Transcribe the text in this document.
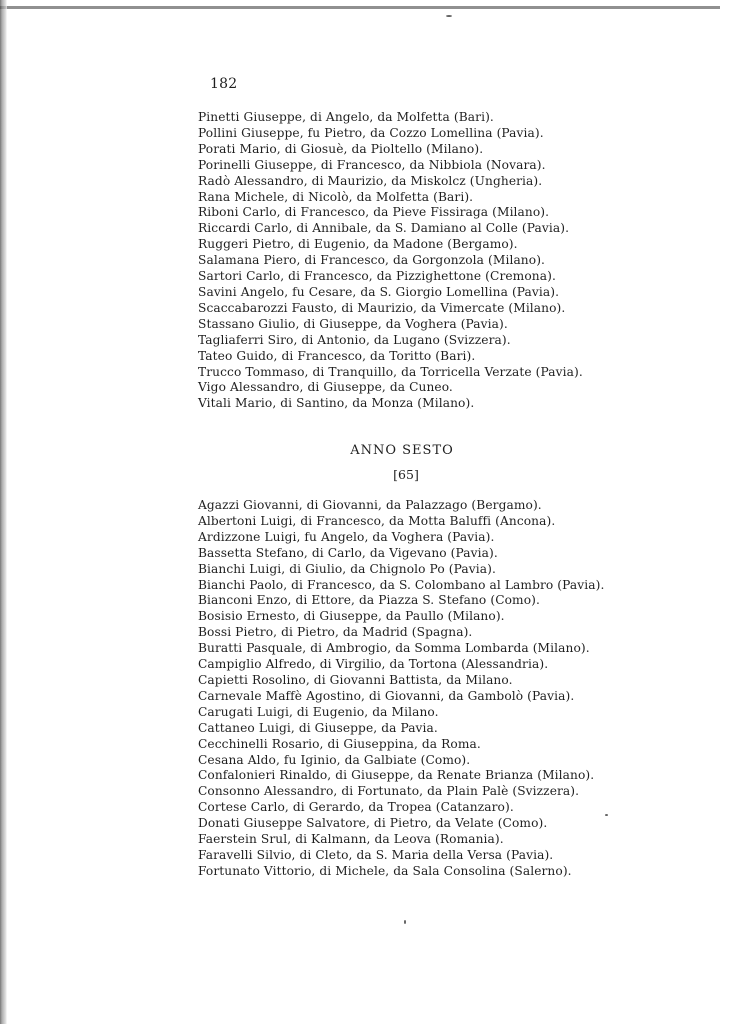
182
Pinetti Giuseppe, di Angelo, da Molfetta (Bari).
Pollini Giuseppe, fu Pietro, da Cozzo Lomellina (Pavia).
Porati Mario, di Giosuè, da Pioltello (Milano).
Porinelli Giuseppe, di Francesco, da Nibbiola (Novara).
Radò Alessandro, di Maurizio, da Miskolcz (Ungheria).
Rana Michele, di Nicolò, da Molfetta (Bari).
Riboni Carlo, di Francesco, da Pieve Fissiraga (Milano).
Riccardi Carlo, di Annibale, da S. Damiano al Colle (Pavia).
Ruggeri Pietro, di Eugenio, da Madone (Bergamo).
Salamana Piero, di Francesco, da Gorgonzola (Milano).
Sartori Carlo, di Francesco, da Pizzighettone (Cremona).
Savini Angelo, fu Cesare, da S. Giorgio Lomellina (Pavia).
Scaccabarozzi Fausto, di Maurizio, da Vimercate (Milano).
Stassano Giulio, di Giuseppe, da Voghera (Pavia).
Tagliaferri Siro, di Antonio, da Lugano (Svizzera).
Tateo Guido, di Francesco, da Toritto (Bari).
Trucco Tommaso, di Tranquillo, da Torricella Verzate (Pavia).
Vigo Alessandro, di Giuseppe, da Cuneo.
Vitali Mario, di Santino, da Monza (Milano).
ANNO SESTO
[65]
Agazzi Giovanni, di Giovanni, da Palazzago (Bergamo).
Albertoni Luigi, di Francesco, da Motta Baluffi (Ancona).
Ardizzone Luigi, fu Angelo, da Voghera (Pavia).
Bassetta Stefano, di Carlo, da Vigevano (Pavia).
Bianchi Luigi, di Giulio, da Chignolo Po (Pavia).
Bianchi Paolo, di Francesco, da S. Colombano al Lambro (Pavia).
Bianconi Enzo, di Ettore, da Piazza S. Stefano (Como).
Bosisio Ernesto, di Giuseppe, da Paullo (Milano).
Bossi Pietro, di Pietro, da Madrid (Spagna).
Buratti Pasquale, di Ambrogio, da Somma Lombarda (Milano).
Campiglio Alfredo, di Virgilio, da Tortona (Alessandria).
Capietti Rosolino, di Giovanni Battista, da Milano.
Carnevale Maffè Agostino, di Giovanni, da Gambolò (Pavia).
Carugati Luigi, di Eugenio, da Milano.
Cattaneo Luigi, di Giuseppe, da Pavia.
Cecchinelli Rosario, di Giuseppina, da Roma.
Cesana Aldo, fu Iginio, da Galbiate (Como).
Confalonieri Rinaldo, di Giuseppe, da Renate Brianza (Milano).
Consonno Alessandro, di Fortunato, da Plain Palè (Svizzera).
Cortese Carlo, di Gerardo, da Tropea (Catanzaro).
Donati Giuseppe Salvatore, di Pietro, da Velate (Como).
Faerstein Srul, di Kalmann, da Leova (Romania).
Faravelli Silvio, di Cleto, da S. Maria della Versa (Pavia).
Fortunato Vittorio, di Michele, da Sala Consolina (Salerno).
